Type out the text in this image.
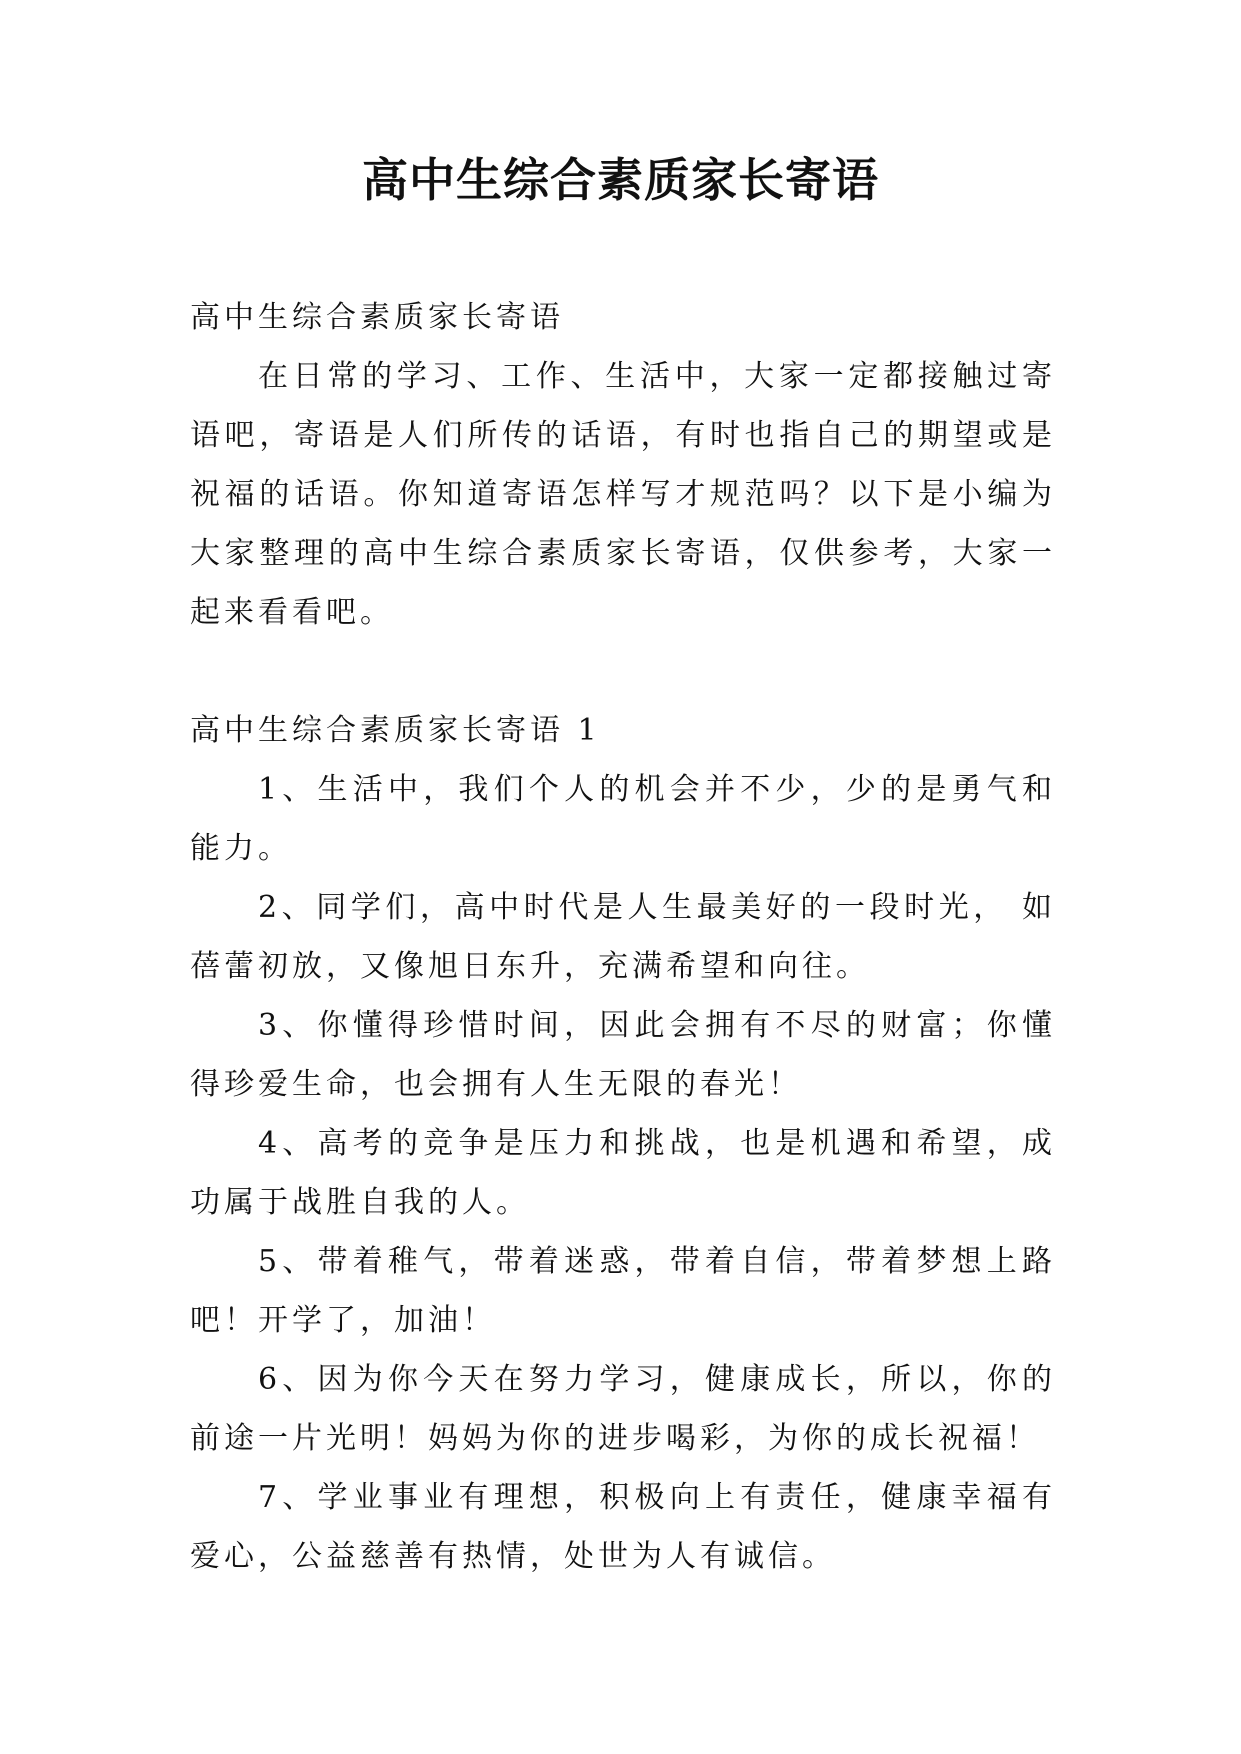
高中生综合素质家长寄语

高中生综合素质家长寄语

在日常的学习、工作、生活中，大家一定都接触过寄语吧，寄语是人们所传的话语，有时也指自己的期望或是祝福的话语。你知道寄语怎样写才规范吗？以下是小编为大家整理的高中生综合素质家长寄语，仅供参考，大家一起来看看吧。

高中生综合素质家长寄语 1

1、生活中，我们个人的机会并不少，少的是勇气和能力。

2、同学们，高中时代是人生最美好的一段时光， 如蓓蕾初放，又像旭日东升，充满希望和向往。

3、你懂得珍惜时间，因此会拥有不尽的财富；你懂得珍爱生命，也会拥有人生无限的春光！

4、高考的竞争是压力和挑战，也是机遇和希望，成功属于战胜自我的人。

5、带着稚气，带着迷惑，带着自信，带着梦想上路吧！开学了，加油！

6、因为你今天在努力学习，健康成长，所以，你的前途一片光明！妈妈为你的进步喝彩，为你的成长祝福！

7、学业事业有理想，积极向上有责任，健康幸福有爱心，公益慈善有热情，处世为人有诚信。
